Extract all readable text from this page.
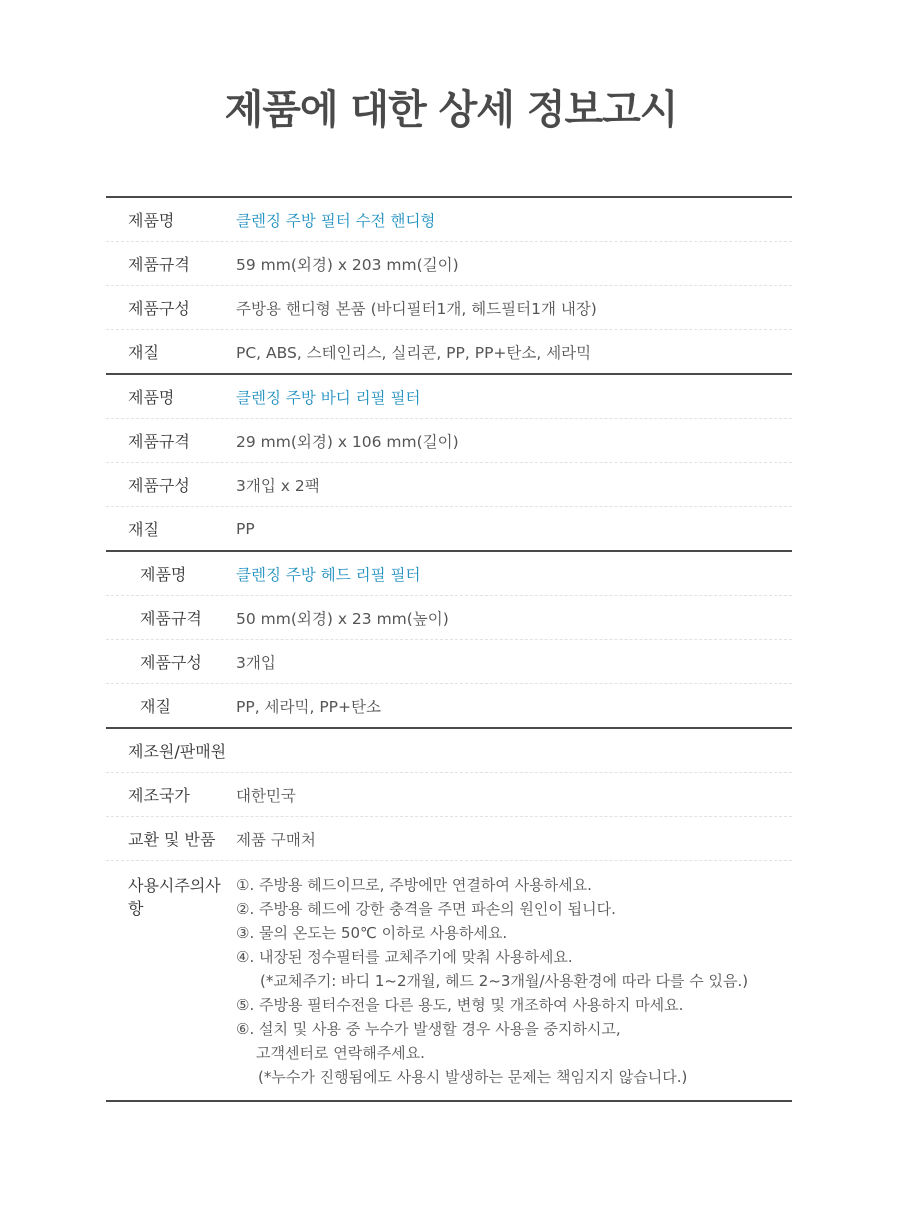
제품에 대한 상세 정보고시
제품명	클렌징 주방 필터 수전 핸디형
제품규격	59 mm(외경) x 203 mm(길이)
제품구성	주방용 핸디형 본품 (바디필터1개, 헤드필터1개 내장)
재질	PC, ABS, 스테인리스, 실리콘, PP, PP+탄소, 세라믹
제품명	클렌징 주방 바디 리필 필터
제품규격	29 mm(외경) x 106 mm(길이)
제품구성	3개입 x 2팩
재질	PP
제품명	클렌징 주방 헤드 리필 필터
제품규격	50 mm(외경) x 23 mm(높이)
제품구성	3개입
재질	PP, 세라믹, PP+탄소
제조원/판매원
제조국가	대한민국
교환 및 반품	제품 구매처
사용시주의사항
①. 주방용 헤드이므로, 주방에만 연결하여 사용하세요.
②. 주방용 헤드에 강한 충격을 주면 파손의 원인이 됩니다.
③. 물의 온도는 50℃ 이하로 사용하세요.
④. 내장된 정수필터를 교체주기에 맞춰 사용하세요.
(*교체주기: 바디 1~2개월, 헤드 2~3개월/사용환경에 따라 다를 수 있음.)
⑤. 주방용 필터수전을 다른 용도, 변형 및 개조하여 사용하지 마세요.
⑥. 설치 및 사용 중 누수가 발생할 경우 사용을 중지하시고,
고객센터로 연락해주세요.
(*누수가 진행됨에도 사용시 발생하는 문제는 책임지지 않습니다.)
